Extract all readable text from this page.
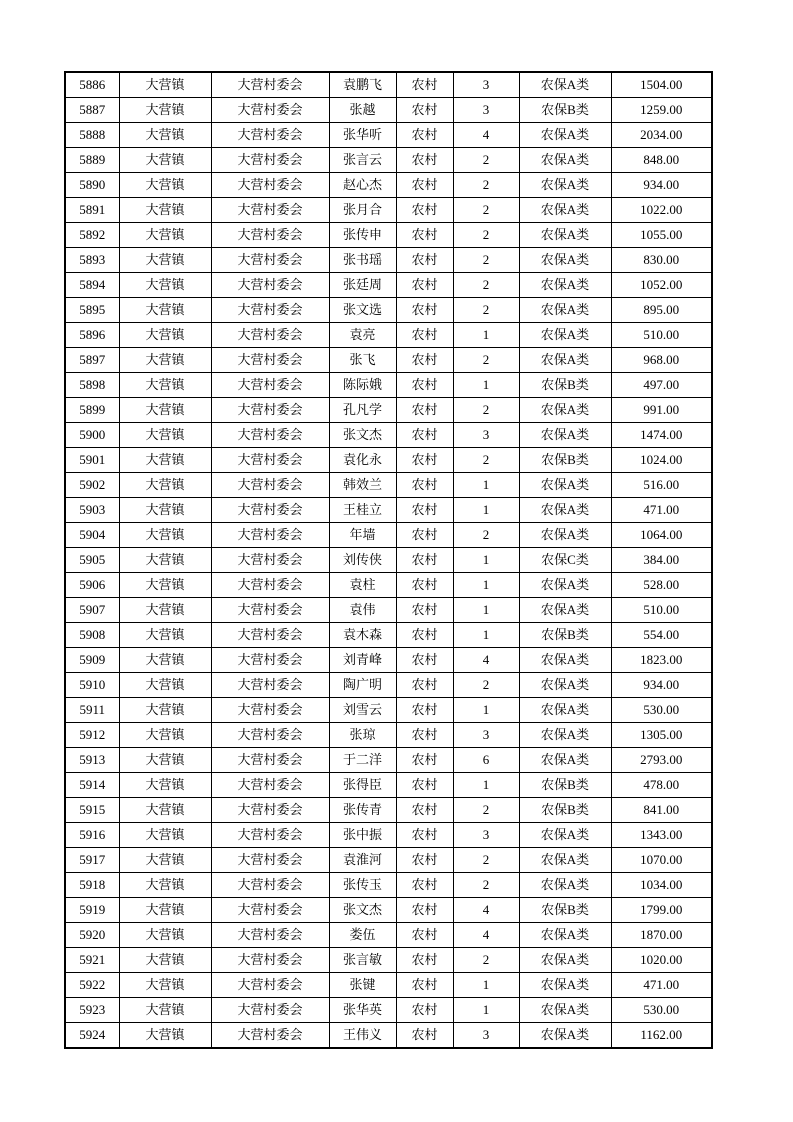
5886	大营镇	大营村委会	袁鹏飞	农村	3	农保A类	1504.00
5887	大营镇	大营村委会	张越	农村	3	农保B类	1259.00
5888	大营镇	大营村委会	张华听	农村	4	农保A类	2034.00
5889	大营镇	大营村委会	张言云	农村	2	农保A类	848.00
5890	大营镇	大营村委会	赵心杰	农村	2	农保A类	934.00
5891	大营镇	大营村委会	张月合	农村	2	农保A类	1022.00
5892	大营镇	大营村委会	张传申	农村	2	农保A类	1055.00
5893	大营镇	大营村委会	张书瑶	农村	2	农保A类	830.00
5894	大营镇	大营村委会	张廷周	农村	2	农保A类	1052.00
5895	大营镇	大营村委会	张文选	农村	2	农保A类	895.00
5896	大营镇	大营村委会	袁亮	农村	1	农保A类	510.00
5897	大营镇	大营村委会	张飞	农村	2	农保A类	968.00
5898	大营镇	大营村委会	陈际娥	农村	1	农保B类	497.00
5899	大营镇	大营村委会	孔凡学	农村	2	农保A类	991.00
5900	大营镇	大营村委会	张文杰	农村	3	农保A类	1474.00
5901	大营镇	大营村委会	袁化永	农村	2	农保B类	1024.00
5902	大营镇	大营村委会	韩效兰	农村	1	农保A类	516.00
5903	大营镇	大营村委会	王桂立	农村	1	农保A类	471.00
5904	大营镇	大营村委会	年墙	农村	2	农保A类	1064.00
5905	大营镇	大营村委会	刘传侠	农村	1	农保C类	384.00
5906	大营镇	大营村委会	袁柱	农村	1	农保A类	528.00
5907	大营镇	大营村委会	袁伟	农村	1	农保A类	510.00
5908	大营镇	大营村委会	袁木森	农村	1	农保B类	554.00
5909	大营镇	大营村委会	刘青峰	农村	4	农保A类	1823.00
5910	大营镇	大营村委会	陶广明	农村	2	农保A类	934.00
5911	大营镇	大营村委会	刘雪云	农村	1	农保A类	530.00
5912	大营镇	大营村委会	张琼	农村	3	农保A类	1305.00
5913	大营镇	大营村委会	于二洋	农村	6	农保A类	2793.00
5914	大营镇	大营村委会	张得臣	农村	1	农保B类	478.00
5915	大营镇	大营村委会	张传青	农村	2	农保B类	841.00
5916	大营镇	大营村委会	张中振	农村	3	农保A类	1343.00
5917	大营镇	大营村委会	袁淮河	农村	2	农保A类	1070.00
5918	大营镇	大营村委会	张传玉	农村	2	农保A类	1034.00
5919	大营镇	大营村委会	张文杰	农村	4	农保B类	1799.00
5920	大营镇	大营村委会	娄伍	农村	4	农保A类	1870.00
5921	大营镇	大营村委会	张言敏	农村	2	农保A类	1020.00
5922	大营镇	大营村委会	张键	农村	1	农保A类	471.00
5923	大营镇	大营村委会	张华英	农村	1	农保A类	530.00
5924	大营镇	大营村委会	王伟义	农村	3	农保A类	1162.00
